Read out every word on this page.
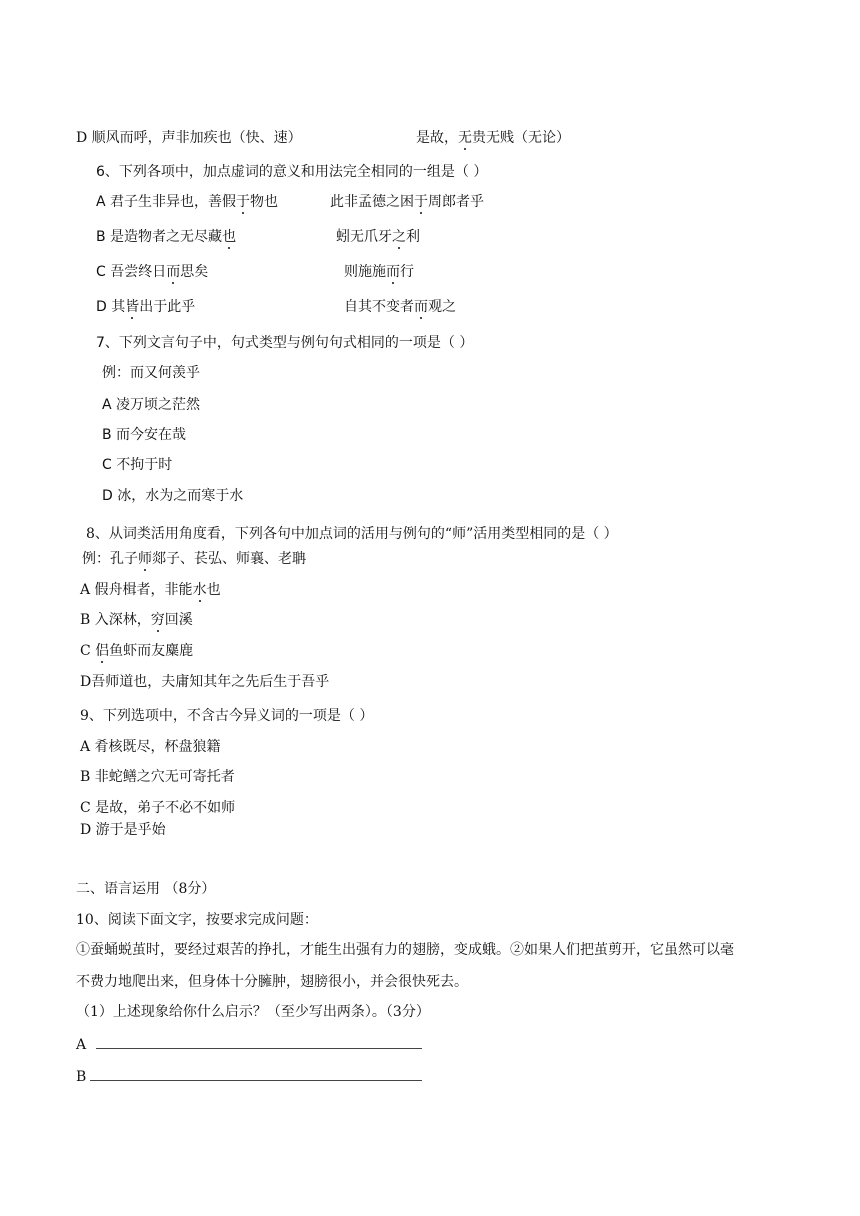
D 顺风而呼，声非加疾也（快、速）	是故，无贵无贱（无论）
6、下列各项中，加点虚词的意义和用法完全相同的一组是（ ）
A 君子生非异也，善假于物也	此非孟德之困于周郎者乎
B 是造物者之无尽藏也	蚓无爪牙之利
C 吾尝终日而思矣	则施施而行
D 其皆出于此乎	自其不变者而观之
7、下列文言句子中，句式类型与例句句式相同的一项是（ ）
例：而又何羡乎
A 凌万顷之茫然
B 而今安在哉
C 不拘于时
D 冰，水为之而寒于水
8、从词类活用角度看，下列各句中加点词的活用与例句的“师”活用类型相同的是（ ）
例：孔子师郯子、苌弘、师襄、老聃
A 假舟楫者，非能水也
B 入深林，穷回溪
C 侣鱼虾而友麋鹿
D吾师道也，夫庸知其年之先后生于吾乎
9、下列选项中，不含古今异义词的一项是（ ）
A 肴核既尽，杯盘狼籍
B 非蛇鳝之穴无可寄托者
C 是故，弟子不必不如师
D 游于是乎始
二、语言运用 （8分）
10、阅读下面文字，按要求完成问题：
①蚕蛹蜕茧时，要经过艰苦的挣扎，才能生出强有力的翅膀，变成蛾。②如果人们把茧剪开，它虽然可以毫
不费力地爬出来，但身体十分臃肿，翅膀很小，并会很快死去。
（1）上述现象给你什么启示？（至少写出两条）。（3分）
A
B
